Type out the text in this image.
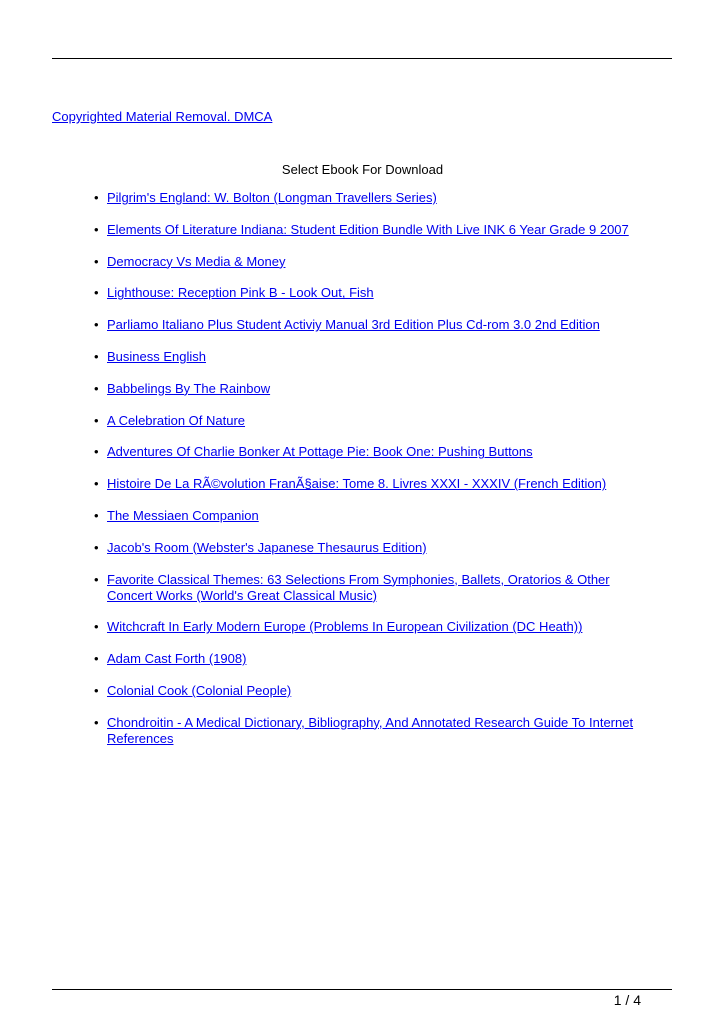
Copyrighted Material Removal. DMCA
Select Ebook For Download
• Pilgrim's England: W. Bolton (Longman Travellers Series)
• Elements Of Literature Indiana: Student Edition Bundle With Live INK 6 Year Grade 9 2007
• Democracy Vs Media & Money
• Lighthouse: Reception Pink B - Look Out, Fish
• Parliamo Italiano Plus Student Activiy Manual 3rd Edition Plus Cd-rom 3.0 2nd Edition
• Business English
• Babbelings By The Rainbow
• A Celebration Of Nature
• Adventures Of Charlie Bonker At Pottage Pie: Book One: Pushing Buttons
• Histoire De La RÃ©volution FranÃ§aise: Tome 8. Livres XXXI - XXXIV (French Edition)
• The Messiaen Companion
• Jacob's Room (Webster's Japanese Thesaurus Edition)
• Favorite Classical Themes: 63 Selections From Symphonies, Ballets, Oratorios & Other Concert Works (World's Great Classical Music)
• Witchcraft In Early Modern Europe (Problems In European Civilization (DC Heath))
• Adam Cast Forth (1908)
• Colonial Cook (Colonial People)
• Chondroitin - A Medical Dictionary, Bibliography, And Annotated Research Guide To Internet References
1 / 4
